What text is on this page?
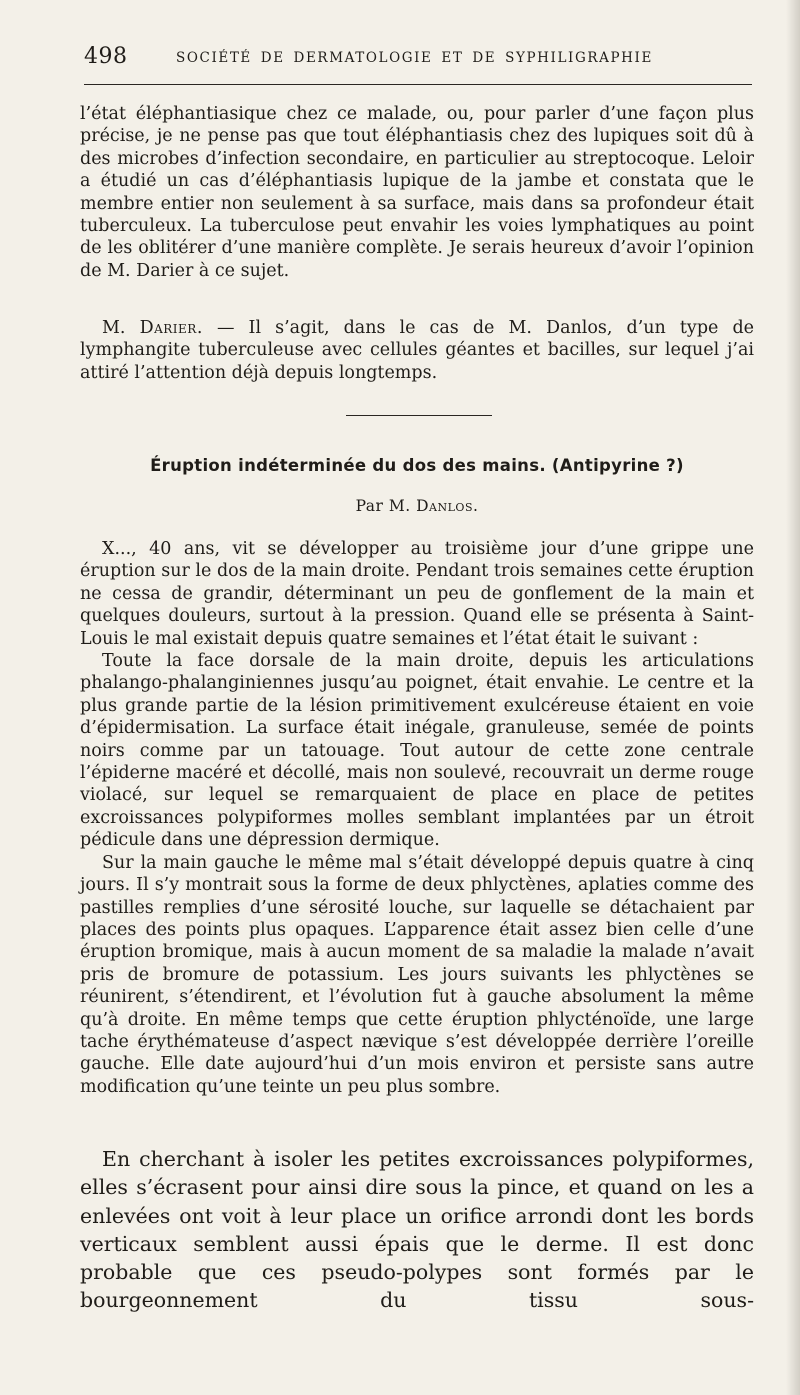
498	SOCIÉTÉ DE DERMATOLOGIE ET DE SYPHILIGRAPHIE

l’état éléphantiasique chez ce malade, ou, pour parler d’une façon plus précise, je ne pense pas que tout éléphantiasis chez des lupiques soit dû à des microbes d’infection secondaire, en particulier au streptocoque. Leloir a étudié un cas d’éléphantiasis lupique de la jambe et constata que le membre entier non seulement à sa surface, mais dans sa profondeur était tuberculeux. La tuberculose peut envahir les voies lymphatiques au point de les oblitérer d’une manière complète. Je serais heureux d’avoir l’opinion de M. Darier à ce sujet.

M. Darier. — Il s’agit, dans le cas de M. Danlos, d’un type de lymphangite tuberculeuse avec cellules géantes et bacilles, sur lequel j’ai attiré l’attention déjà depuis longtemps.

Éruption indéterminée du dos des mains. (Antipyrine ?)
Par M. Danlos.

X..., 40 ans, vit se développer au troisième jour d’une grippe une éruption sur le dos de la main droite. Pendant trois semaines cette éruption ne cessa de grandir, déterminant un peu de gonflement de la main et quelques douleurs, surtout à la pression. Quand elle se présenta à Saint-Louis le mal existait depuis quatre semaines et l’état était le suivant :

Toute la face dorsale de la main droite, depuis les articulations phalango-phalanginiennes jusqu’au poignet, était envahie. Le centre et la plus grande partie de la lésion primitivement exulcéreuse étaient en voie d’épidermisation. La surface était inégale, granuleuse, semée de points noirs comme par un tatouage. Tout autour de cette zone centrale l’épiderne macéré et décollé, mais non soulevé, recouvrait un derme rouge violacé, sur lequel se remarquaient de place en place de petites excroissances polypiformes molles semblant implantées par un étroit pédicule dans une dépression dermique.

Sur la main gauche le même mal s’était développé depuis quatre à cinq jours. Il s’y montrait sous la forme de deux phlyctènes, aplaties comme des pastilles remplies d’une sérosité louche, sur laquelle se détachaient par places des points plus opaques. L’apparence était assez bien celle d’une éruption bromique, mais à aucun moment de sa maladie la malade n’avait pris de bromure de potassium. Les jours suivants les phlyctènes se réunirent, s’étendirent, et l’évolution fut à gauche absolument la même qu’à droite. En même temps que cette éruption phlycténoïde, une large tache érythémateuse d’aspect nævique s’est développée derrière l’oreille gauche. Elle date aujourd’hui d’un mois environ et persiste sans autre modification qu’une teinte un peu plus sombre.

En cherchant à isoler les petites excroissances polypiformes, elles s’écrasent pour ainsi dire sous la pince, et quand on les a enlevées ont voit à leur place un orifice arrondi dont les bords verticaux semblent aussi épais que le derme. Il est donc probable que ces pseudo-polypes sont formés par le bourgeonnement du tissu sous-
